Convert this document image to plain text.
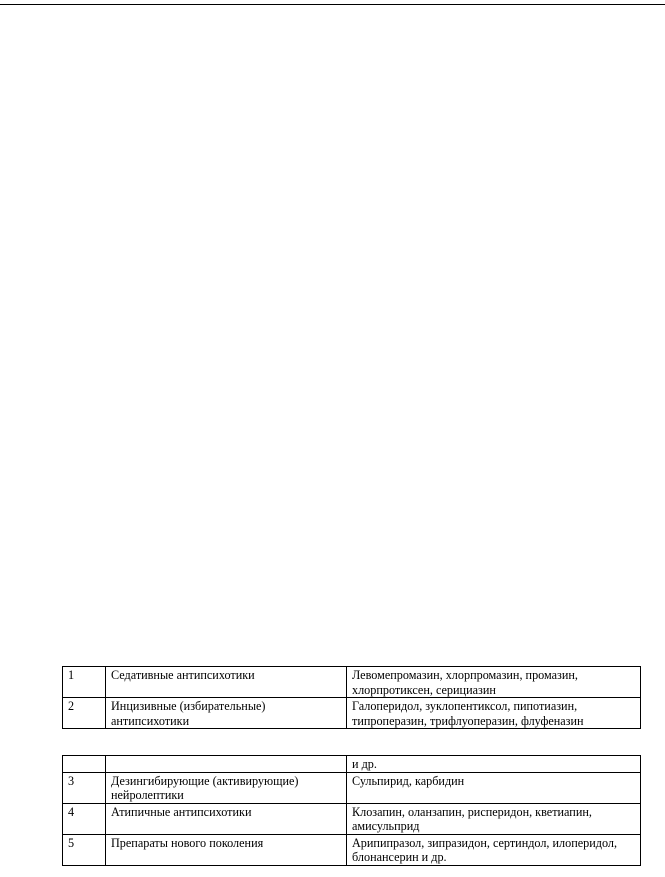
1	Седативные антипсихотики	Левомепромазин, хлорпромазин, промазин, хлорпротиксен, серициазин
2	Инцизивные (избирательные) антипсихотики	Галоперидол, зуклопентиксол, пипотиазин, типроперазин, трифлуоперазин, флуфеназин
		и др.
3	Дезингибирующие (активирующие) нейролептики	Сульпирид, карбидин
4	Атипичные антипсихотики	Клозапин, оланзапин, рисперидон, кветиапин, амисульприд
5	Препараты нового поколения	Арипипразол, зипразидон, сертиндол, илоперидол, блонансерин и др.
